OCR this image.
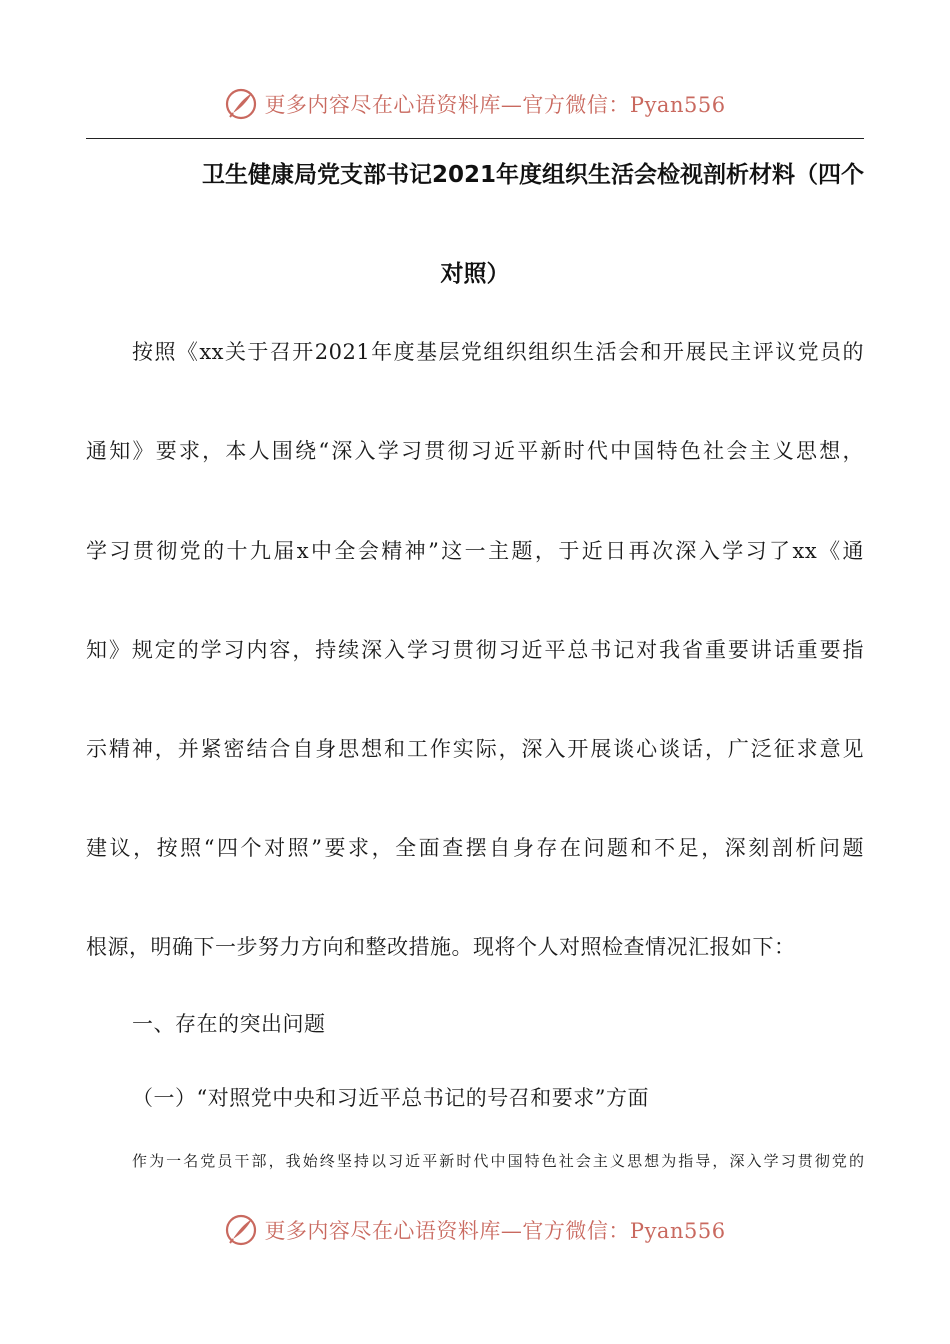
更多内容尽在心语资料库—官方微信：Pyan556
卫生健康局党支部书记2021年度组织生活会检视剖析材料（四个
对照）
按照《xx关于召开2021年度基层党组织组织生活会和开展民主评议党员的
通知》要求，本人围绕“深入学习贯彻习近平新时代中国特色社会主义思想，
学习贯彻党的十九届x中全会精神”这一主题，于近日再次深入学习了xx《通
知》规定的学习内容，持续深入学习贯彻习近平总书记对我省重要讲话重要指
示精神，并紧密结合自身思想和工作实际，深入开展谈心谈话，广泛征求意见
建议，按照“四个对照”要求，全面查摆自身存在问题和不足，深刻剖析问题
根源，明确下一步努力方向和整改措施。现将个人对照检查情况汇报如下：
一、存在的突出问题
（一）“对照党中央和习近平总书记的号召和要求”方面
作为一名党员干部，我始终坚持以习近平新时代中国特色社会主义思想为指导，深入学习贯彻党的
更多内容尽在心语资料库—官方微信：Pyan556
